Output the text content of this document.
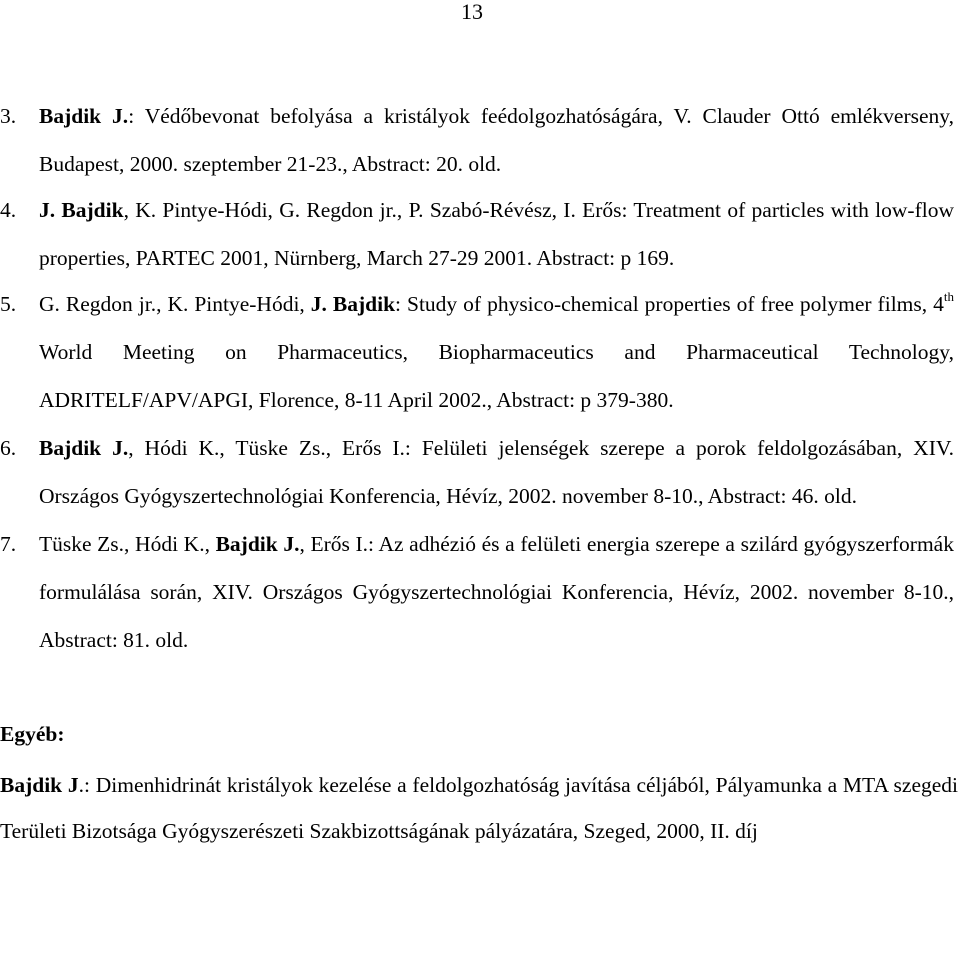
13
3. Bajdik J.: Védőbevonat befolyása a kristályok feédolgozhatóságára, V. Clauder Ottó emlékverseny, Budapest, 2000. szeptember 21-23., Abstract: 20. old.
4. J. Bajdik, K. Pintye-Hódi, G. Regdon jr., P. Szabó-Révész, I. Erős: Treatment of particles with low-flow properties, PARTEC 2001, Nürnberg, March 27-29 2001. Abstract: p 169.
5. G. Regdon jr., K. Pintye-Hódi, J. Bajdik: Study of physico-chemical properties of free polymer films, 4th World Meeting on Pharmaceutics, Biopharmaceutics and Pharmaceutical Technology, ADRITELF/APV/APGI, Florence, 8-11 April 2002., Abstract: p 379-380.
6. Bajdik J., Hódi K., Tüske Zs., Erős I.: Felületi jelenségek szerepe a porok feldolgozásában, XIV. Országos Gyógyszertechnológiai Konferencia, Hévíz, 2002. november 8-10., Abstract: 46. old.
7. Tüske Zs., Hódi K., Bajdik J., Erős I.: Az adhézió és a felületi energia szerepe a szilárd gyógyszerformák formulálása során, XIV. Országos Gyógyszertechnológiai Konferencia, Hévíz, 2002. november 8-10., Abstract: 81. old.
Egyéb:
Bajdik J.: Dimenhidrinát kristályok kezelése a feldolgozhatóság javítása céljából, Pályamunka a MTA szegedi Területi Bizotsága Gyógyszerészeti Szakbizottságának pályázatára, Szeged, 2000, II. díj
